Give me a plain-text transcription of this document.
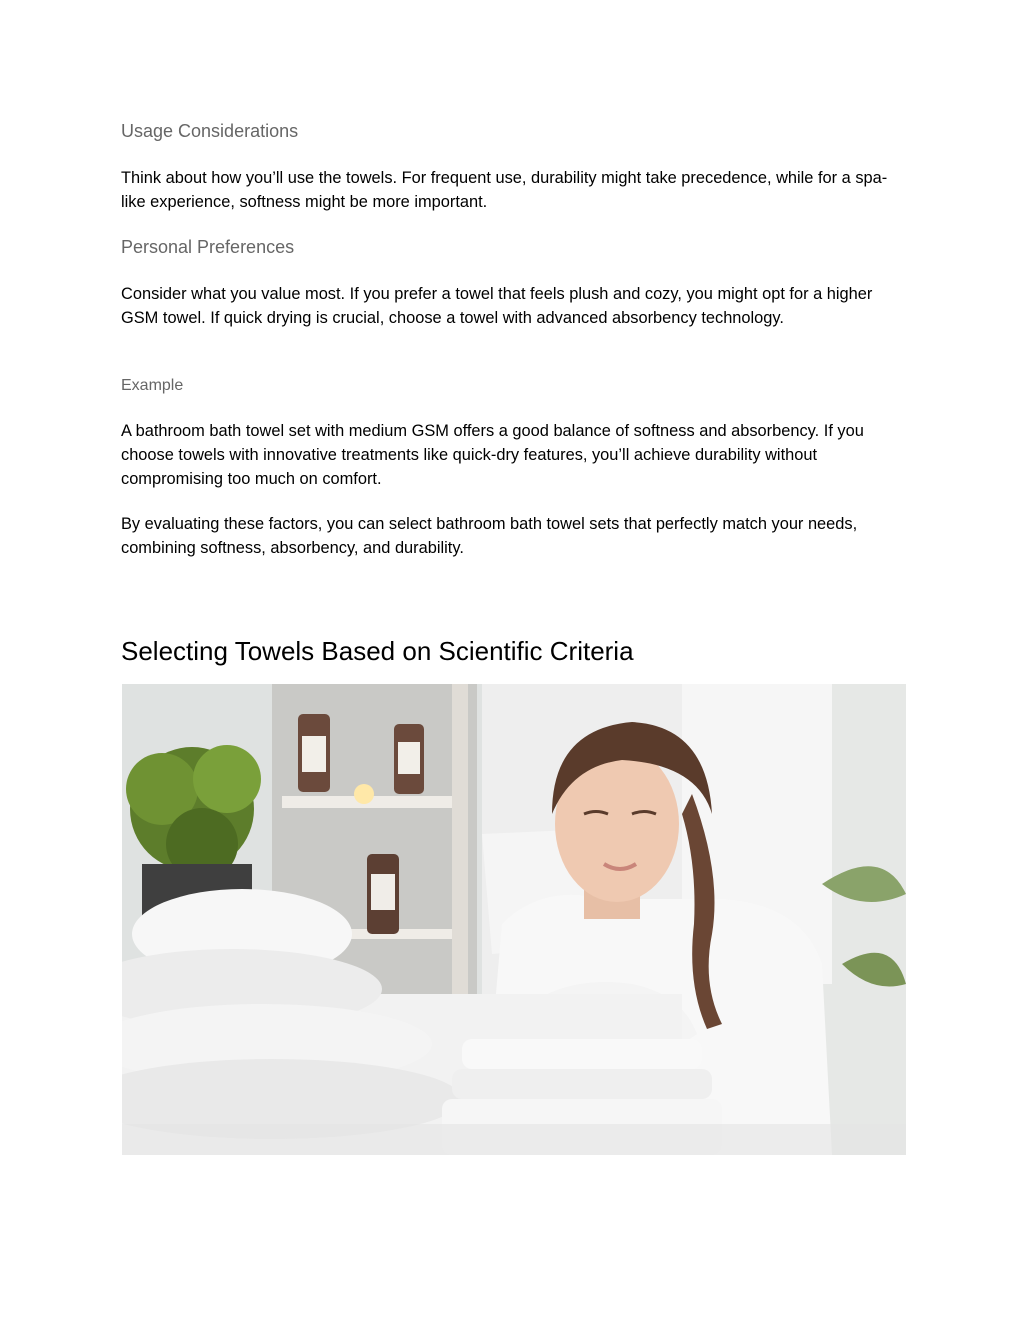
Usage Considerations

Think about how you’ll use the towels. For frequent use, durability might take precedence, while for a spa-like experience, softness might be more important.

Personal Preferences

Consider what you value most. If you prefer a towel that feels plush and cozy, you might opt for a higher GSM towel. If quick drying is crucial, choose a towel with advanced absorbency technology.

Example

A bathroom bath towel set with medium GSM offers a good balance of softness and absorbency. If you choose towels with innovative treatments like quick-dry features, you’ll achieve durability without compromising too much on comfort.

By evaluating these factors, you can select bathroom bath towel sets that perfectly match your needs, combining softness, absorbency, and durability.

Selecting Towels Based on Scientific Criteria
